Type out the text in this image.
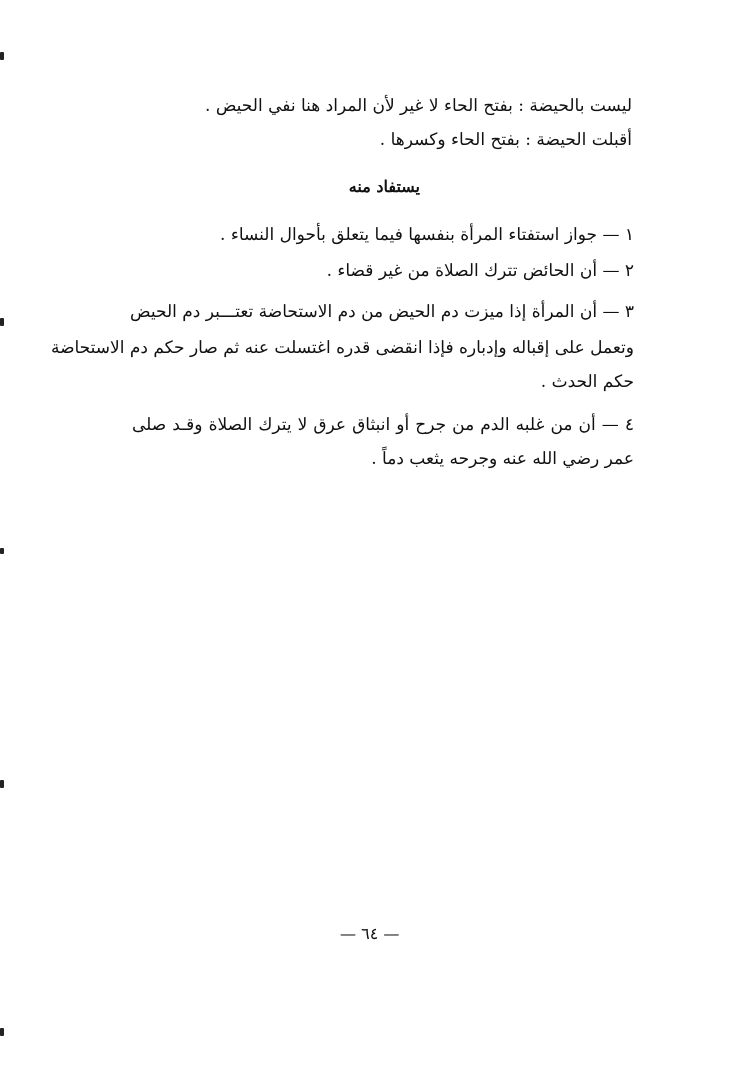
ليست بالحيضة : بفتح الحاء لا غير لأن المراد هنا نفي الحيض .
أقبلت الحيضة : بفتح الحاء وكسرها .
يستفاد منه
١ — جواز استفتاء المرأة بنفسها فيما يتعلق بأحوال النساء .
٢ — أن الحائض تترك الصلاة من غير قضاء .
٣ — أن المرأة إذا ميزت دم الحيض من دم الاستحاضة تعتـــبر دم الحيض
وتعمل على إقباله وإدباره فإذا انقضى قدره اغتسلت عنه ثم صار حكم دم الاستحاضة
حكم الحدث .
٤ — أن من غلبه الدم من جرح أو انبثاق عرق لا يترك الصلاة وقـد صلى
عمر رضي الله عنه وجرحه يثعب دماً .
— ٦٤ —
